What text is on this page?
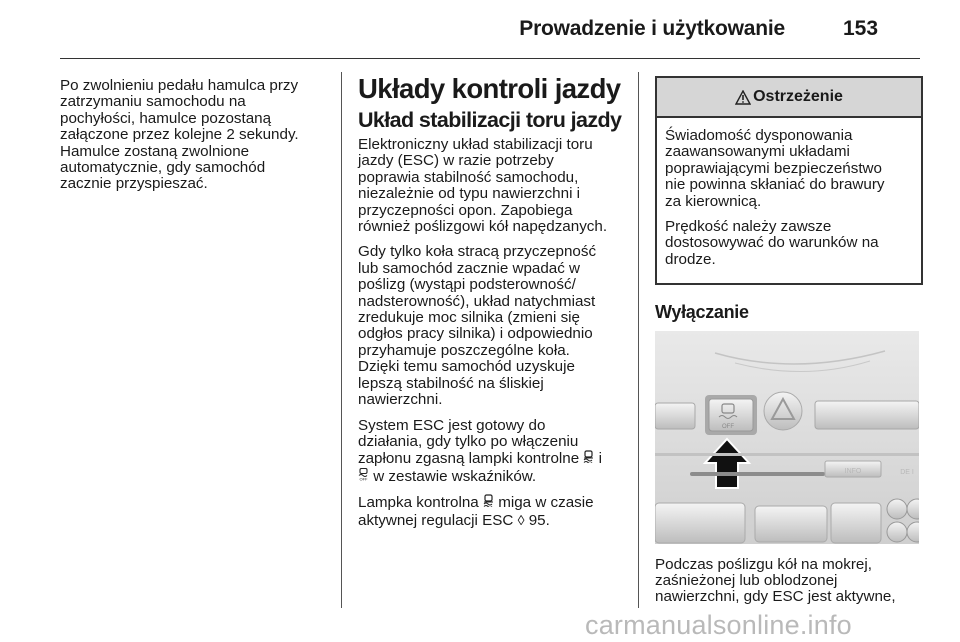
Prowadzenie i użytkowanie	153

Po zwolnieniu pedału hamulca przy
zatrzymaniu samochodu na
pochyłości, hamulce pozostaną
załączone przez kolejne 2 sekundy.
Hamulce zostaną zwolnione
automatycznie, gdy samochód
zacznie przyspieszać.

Układy kontroli jazdy
Układ stabilizacji toru jazdy

Elektroniczny układ stabilizacji toru
jazdy (ESC) w razie potrzeby
poprawia stabilność samochodu,
niezależnie od typu nawierzchni i
przyczepności opon. Zapobiega
również poślizgowi kół napędzanych.

Gdy tylko koła stracą przyczepność
lub samochód zacznie wpadać w
poślizg (wystąpi podsterowność/
nadsterowność), układ natychmiast
zredukuje moc silnika (zmieni się
odgłos pracy silnika) i odpowiednio
przyhamuje poszczególne koła.
Dzięki temu samochód uzyskuje
lepszą stabilność na śliskiej
nawierzchni.

System ESC jest gotowy do
działania, gdy tylko po włączeniu
zapłonu zgasną lampki kontrolne i

OFF w zestawie wskaźników.

Lampka kontrolna miga w czasie
aktywnej regulacji ESC ◊ 95.

Ostrzeżenie

Świadomość dysponowania
zaawansowanymi układami
poprawiającymi bezpieczeństwo
nie powinna skłaniać do brawury
za kierownicą.

Prędkość należy zawsze
dostosowywać do warunków na
drodze.

Wyłączanie
OFF
INFO	DE I

Podczas poślizgu kół na mokrej,
zaśnieżonej lub oblodzonej
nawierzchni, gdy ESC jest aktywne,

carmanualsonline.info
